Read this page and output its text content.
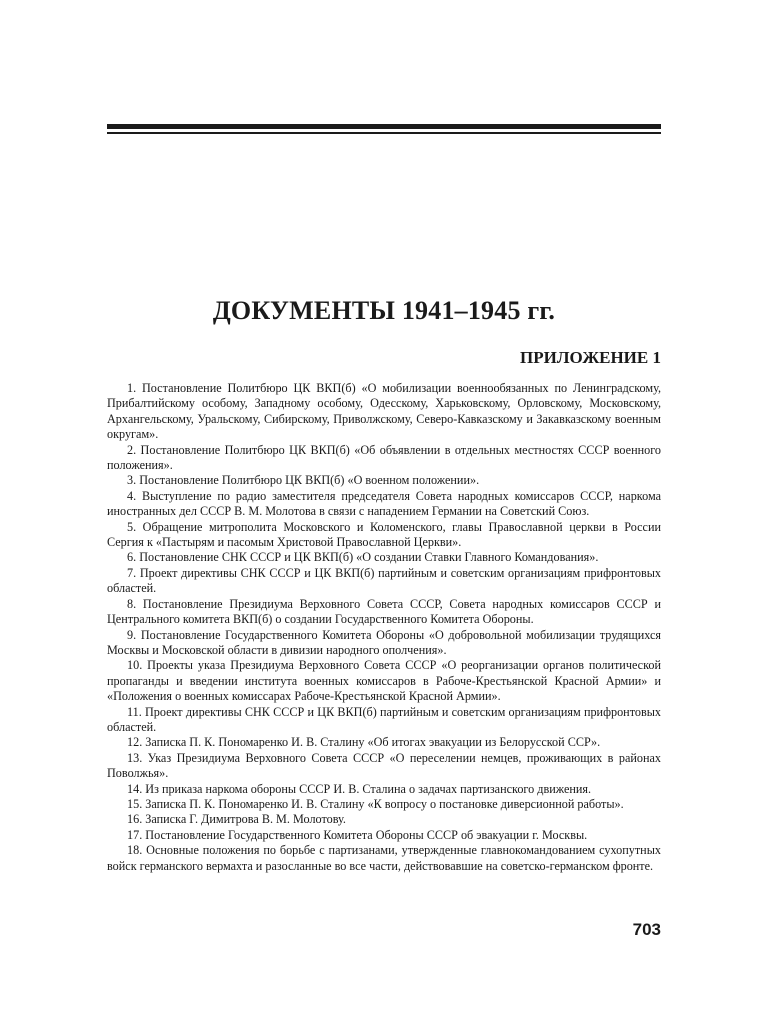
ДОКУМЕНТЫ 1941–1945 гг.
ПРИЛОЖЕНИЕ 1
1. Постановление Политбюро ЦК ВКП(б) «О мобилизации военнообязанных по Ленинградскому, Прибалтийскому особому, Западному особому, Одесскому, Харьковскому, Орловскому, Московскому, Архангельскому, Уральскому, Сибирскому, Приволжскому, Северо-Кавказскому и Закавказскому военным округам».
2. Постановление Политбюро ЦК ВКП(б) «Об объявлении в отдельных местностях СССР военного положения».
3. Постановление Политбюро ЦК ВКП(б) «О военном положении».
4. Выступление по радио заместителя председателя Совета народных комиссаров СССР, наркома иностранных дел СССР В. М. Молотова в связи с нападением Германии на Советский Союз.
5. Обращение митрополита Московского и Коломенского, главы Православной церкви в России Сергия к «Пастырям и пасомым Христовой Православной Церкви».
6. Постановление СНК СССР и ЦК ВКП(б) «О создании Ставки Главного Командования».
7. Проект директивы СНК СССР и ЦК ВКП(б) партийным и советским организациям прифронтовых областей.
8. Постановление Президиума Верховного Совета СССР, Совета народных комиссаров СССР и Центрального комитета ВКП(б) о создании Государственного Комитета Обороны.
9. Постановление Государственного Комитета Обороны «О добровольной мобилизации трудящихся Москвы и Московской области в дивизии народного ополчения».
10. Проекты указа Президиума Верховного Совета СССР «О реорганизации органов политической пропаганды и введении института военных комиссаров в Рабоче-Крестьянской Красной Армии» и «Положения о военных комиссарах Рабоче-Крестьянской Красной Армии».
11. Проект директивы СНК СССР и ЦК ВКП(б) партийным и советским организациям прифронтовых областей.
12. Записка П. К. Пономаренко И. В. Сталину «Об итогах эвакуации из Белорусской ССР».
13. Указ Президиума Верховного Совета СССР «О переселении немцев, проживающих в районах Поволжья».
14. Из приказа наркома обороны СССР И. В. Сталина о задачах партизанского движения.
15. Записка П. К. Пономаренко И. В. Сталину «К вопросу о постановке диверсионной работы».
16. Записка Г. Димитрова В. М. Молотову.
17. Постановление Государственного Комитета Обороны СССР об эвакуации г. Москвы.
18. Основные положения по борьбе с партизанами, утвержденные главнокомандованием сухопутных войск германского вермахта и разосланные во все части, действовавшие на советско-германском фронте.
703
